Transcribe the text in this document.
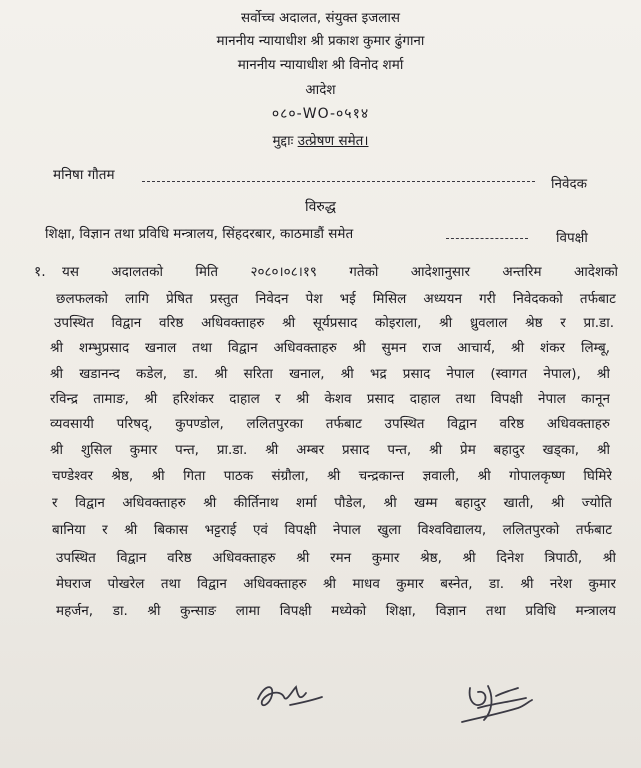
सर्वोच्च अदालत, संयुक्त इजलास
माननीय न्यायाधीश श्री प्रकाश कुमार ढुंगाना
माननीय न्यायाधीश श्री विनोद शर्मा
आदेश
०८०-WO-०५१४
मुद्दाः उत्प्रेषण समेत।
मनिषा गौतम
निवेदक
विरुद्ध
शिक्षा, विज्ञान तथा प्रविधि मन्त्रालय, सिंहदरबार, काठमाडौं समेत	विपक्षी
१. यस अदालतको मिति २०८०।०८।१९ गतेको आदेशानुसार अन्तरिम आदेशको
छलफलको लागि प्रेषित प्रस्तुत निवेदन पेश भई मिसिल अध्ययन गरी निवेदकको तर्फबाट
उपस्थित विद्वान वरिष्ठ अधिवक्ताहरु श्री सूर्यप्रसाद कोइराला, श्री ध्रुवलाल श्रेष्ठ र प्रा.डा.
श्री शम्भुप्रसाद खनाल तथा विद्वान अधिवक्ताहरु श्री सुमन राज आचार्य, श्री शंकर लिम्बू,
श्री खडानन्द कडेल, डा. श्री सरिता खनाल, श्री भद्र प्रसाद नेपाल (स्वागत नेपाल), श्री
रविन्द्र तामाङ, श्री हरिशंकर दाहाल र श्री केशव प्रसाद दाहाल तथा विपक्षी नेपाल कानून
व्यवसायी परिषद्, कुपण्डोल, ललितपुरका तर्फबाट उपस्थित विद्वान वरिष्ठ अधिवक्ताहरु
श्री शुसिल कुमार पन्त, प्रा.डा. श्री अम्बर प्रसाद पन्त, श्री प्रेम बहादुर खड्का, श्री
चण्डेश्वर श्रेष्ठ, श्री गिता पाठक संग्रौला, श्री चन्द्रकान्त ज्ञवाली, श्री गोपालकृष्ण घिमिरे
र विद्वान अधिवक्ताहरु श्री कीर्तिनाथ शर्मा पौडेल, श्री खम्म बहादुर खाती, श्री ज्योति
बानिया र श्री बिकास भट्टराई एवं विपक्षी नेपाल खुला विश्वविद्यालय, ललितपुरको तर्फबाट
उपस्थित विद्वान वरिष्ठ अधिवक्ताहरु श्री रमन कुमार श्रेष्ठ, श्री दिनेश त्रिपाठी, श्री
मेघराज पोखरेल तथा विद्वान अधिवक्ताहरु श्री माधव कुमार बस्नेत, डा. श्री नरेश कुमार
महर्जन, डा. श्री कुन्साङ लामा विपक्षी मध्येको शिक्षा, विज्ञान तथा प्रविधि मन्त्रालय
